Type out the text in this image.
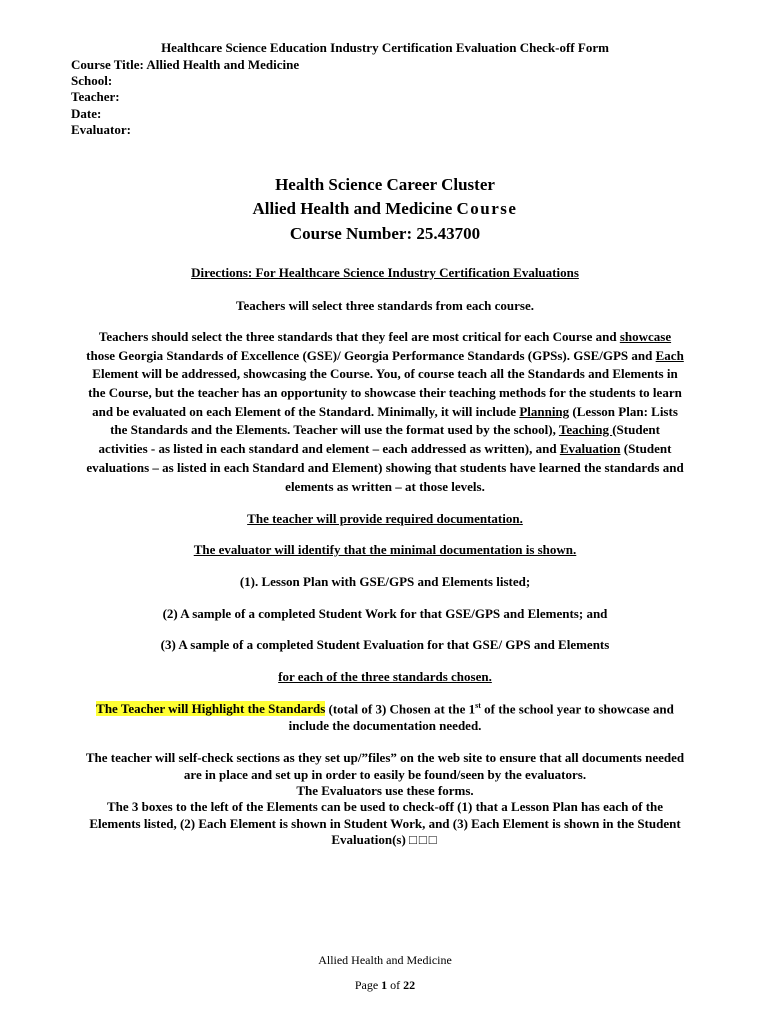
Healthcare Science Education Industry Certification Evaluation Check-off Form
Course Title: Allied Health and Medicine
School:
Teacher:
Date:
Evaluator:
Health Science Career Cluster
Allied Health and Medicine Course
Course Number: 25.43700
Directions: For Healthcare Science Industry Certification Evaluations
Teachers will select three standards from each course.
Teachers should select the three standards that they feel are most critical for each Course and showcase
those Georgia Standards of Excellence (GSE)/ Georgia Performance Standards (GPSs). GSE/GPS and Each
Element will be addressed, showcasing the Course. You, of course teach all the Standards and Elements in
the Course, but the teacher has an opportunity to showcase their teaching methods for the students to learn
and be evaluated on each Element of the Standard. Minimally, it will include Planning (Lesson Plan: Lists
the Standards and the Elements. Teacher will use the format used by the school), Teaching (Student
activities - as listed in each standard and element – each addressed as written), and Evaluation (Student
evaluations – as listed in each Standard and Element) showing that students have learned the standards and
elements as written – at those levels.
The teacher will provide required documentation.
The evaluator will identify that the minimal documentation is shown.
(1). Lesson Plan with GSE/GPS and Elements listed;
(2) A sample of a completed Student Work for that GSE/GPS and Elements; and
(3) A sample of a completed Student Evaluation for that GSE/ GPS and Elements
for each of the three standards chosen.
The Teacher will Highlight the Standards (total of 3) Chosen at the 1st of the school year to showcase and
include the documentation needed.
The teacher will self-check sections as they set up/”files” on the web site to ensure that all documents needed
are in place and set up in order to easily be found/seen by the evaluators.
The Evaluators use these forms.
The 3 boxes to the left of the Elements can be used to check-off (1) that a Lesson Plan has each of the
Elements listed, (2) Each Element is shown in Student Work, and (3) Each Element is shown in the Student
Evaluation(s) □□□
Allied Health and Medicine
Page 1 of 22
